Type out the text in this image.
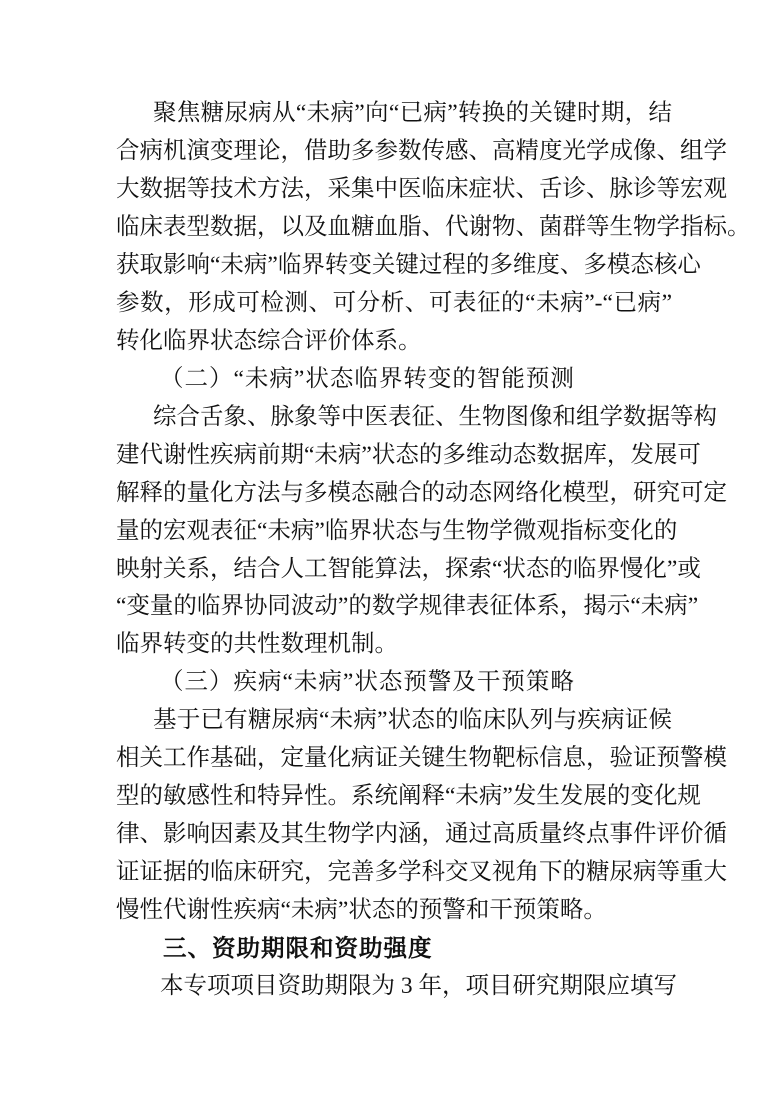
聚焦糖尿病从“未病”向“已病”转换的关键时期，结
合病机演变理论，借助多参数传感、高精度光学成像、组学
大数据等技术方法，采集中医临床症状、舌诊、脉诊等宏观
临床表型数据，以及血糖血脂、代谢物、菌群等生物学指标。
获取影响“未病”临界转变关键过程的多维度、多模态核心
参数，形成可检测、可分析、可表征的“未病”-“已病”
转化临界状态综合评价体系。
（二）“未病”状态临界转变的智能预测
综合舌象、脉象等中医表征、生物图像和组学数据等构
建代谢性疾病前期“未病”状态的多维动态数据库，发展可
解释的量化方法与多模态融合的动态网络化模型，研究可定
量的宏观表征“未病”临界状态与生物学微观指标变化的
映射关系，结合人工智能算法，探索“状态的临界慢化”或
“变量的临界协同波动”的数学规律表征体系，揭示“未病”
临界转变的共性数理机制。
（三）疾病“未病”状态预警及干预策略
基于已有糖尿病“未病”状态的临床队列与疾病证候
相关工作基础，定量化病证关键生物靶标信息，验证预警模
型的敏感性和特异性。系统阐释“未病”发生发展的变化规
律、影响因素及其生物学内涵，通过高质量终点事件评价循
证证据的临床研究，完善多学科交叉视角下的糖尿病等重大
慢性代谢性疾病“未病”状态的预警和干预策略。
三、资助期限和资助强度
本专项项目资助期限为 3 年，项目研究期限应填写
